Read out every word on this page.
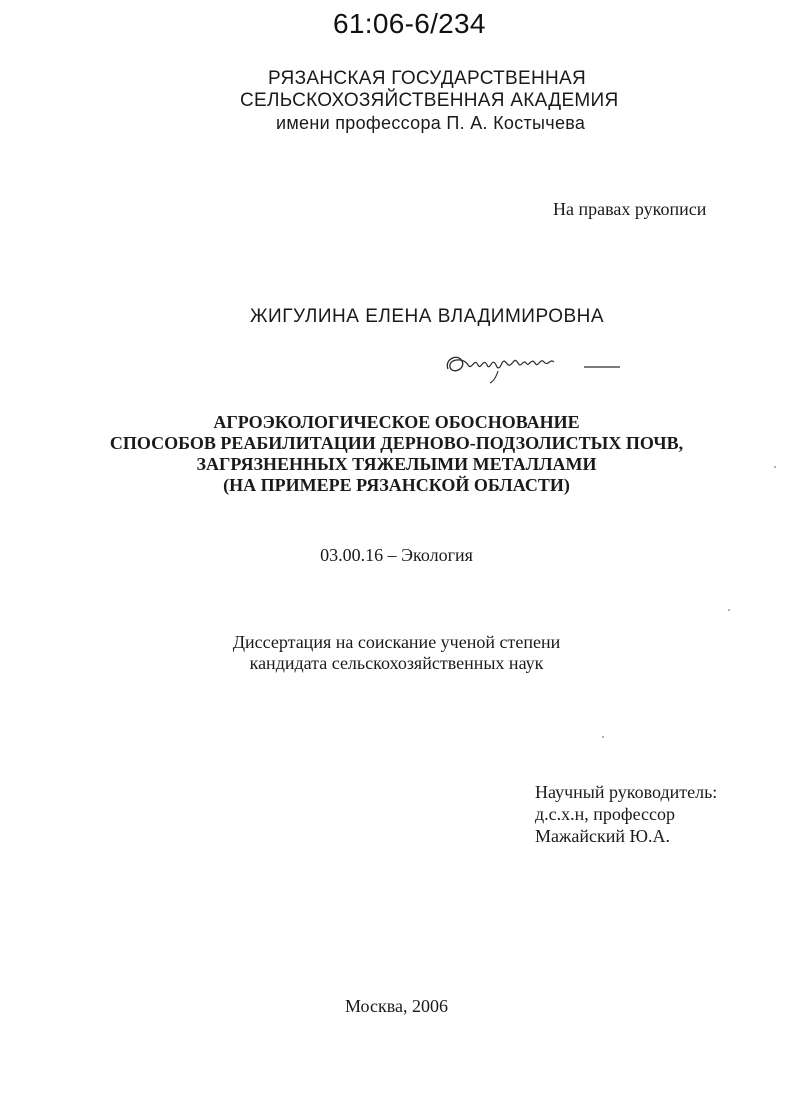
61:06-6/234
РЯЗАНСКАЯ ГОСУДАРСТВЕННАЯ
СЕЛЬСКОХОЗЯЙСТВЕННАЯ АКАДЕМИЯ
имени профессора П. А. Костычева
На правах рукописи
ЖИГУЛИНА ЕЛЕНА ВЛАДИМИРОВНА
АГРОЭКОЛОГИЧЕСКОЕ ОБОСНОВАНИЕ
СПОСОБОВ РЕАБИЛИТАЦИИ ДЕРНОВО-ПОДЗОЛИСТЫХ ПОЧВ,
ЗАГРЯЗНЕННЫХ ТЯЖЕЛЫМИ МЕТАЛЛАМИ
(НА ПРИМЕРЕ РЯЗАНСКОЙ ОБЛАСТИ)
03.00.16 – Экология
Диссертация на соискание ученой степени
кандидата сельскохозяйственных наук
Научный руководитель:
д.с.х.н, профессор
Мажайский Ю.А.
Москва, 2006
